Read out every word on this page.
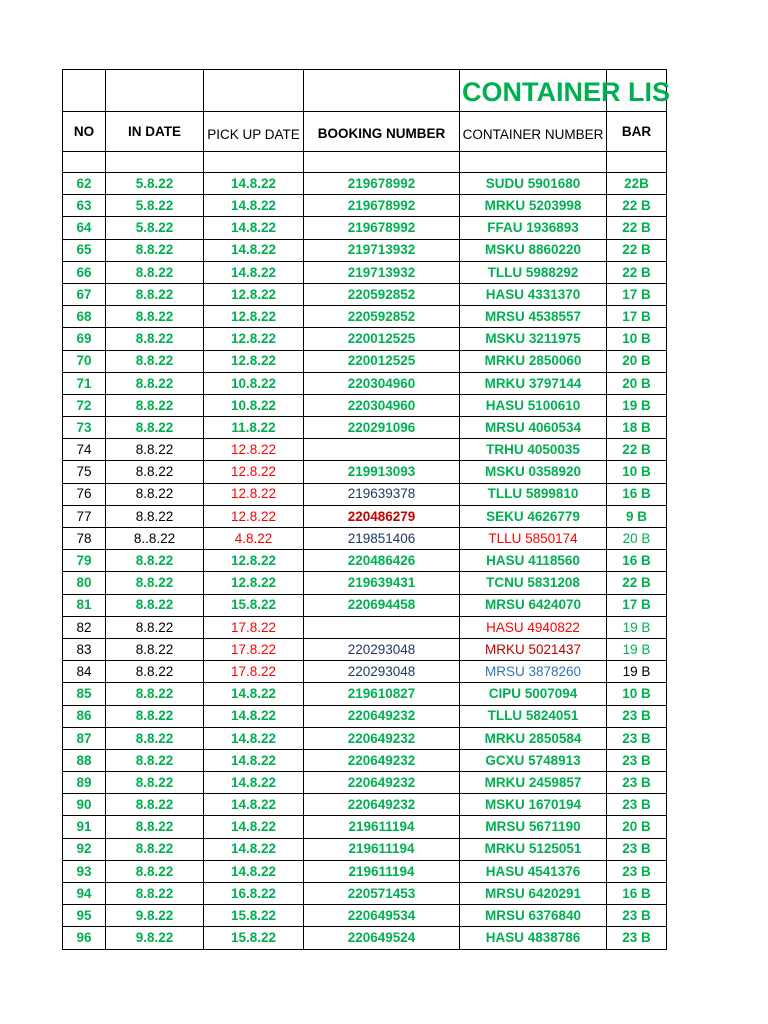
				CONTAINER LIS	

NO	IN DATE	PICK UP DATE	BOOKING NUMBER	CONTAINER NUMBER	BAR

62	5.8.22	14.8.22	219678992	SUDU 5901680	22B
63	5.8.22	14.8.22	219678992	MRKU 5203998	22 B
64	5.8.22	14.8.22	219678992	FFAU 1936893	22 B
65	8.8.22	14.8.22	219713932	MSKU 8860220	22 B
66	8.8.22	14.8.22	219713932	TLLU 5988292	22 B
67	8.8.22	12.8.22	220592852	HASU 4331370	17 B
68	8.8.22	12.8.22	220592852	MRSU 4538557	17 B
69	8.8.22	12.8.22	220012525	MSKU 3211975	10 B
70	8.8.22	12.8.22	220012525	MRKU 2850060	20 B
71	8.8.22	10.8.22	220304960	MRKU 3797144	20 B
72	8.8.22	10.8.22	220304960	HASU 5100610	19 B
73	8.8.22	11.8.22	220291096	MRSU 4060534	18 B
74	8.8.22	12.8.22		TRHU 4050035	22 B
75	8.8.22	12.8.22	219913093	MSKU 0358920	10 B
76	8.8.22	12.8.22	219639378	TLLU 5899810	16 B
77	8.8.22	12.8.22	220486279	SEKU 4626779	9 B
78	8..8.22	4.8.22	219851406	TLLU 5850174	20 B
79	8.8.22	12.8.22	220486426	HASU 4118560	16 B
80	8.8.22	12.8.22	219639431	TCNU 5831208	22 B
81	8.8.22	15.8.22	220694458	MRSU 6424070	17 B
82	8.8.22	17.8.22		HASU 4940822	19 B
83	8.8.22	17.8.22	220293048	MRKU 5021437	19 B
84	8.8.22	17.8.22	220293048	MRSU 3878260	19 B
85	8.8.22	14.8.22	219610827	CIPU 5007094	10 B
86	8.8.22	14.8.22	220649232	TLLU 5824051	23 B
87	8.8.22	14.8.22	220649232	MRKU 2850584	23 B
88	8.8.22	14.8.22	220649232	GCXU 5748913	23 B
89	8.8.22	14.8.22	220649232	MRKU 2459857	23 B
90	8.8.22	14.8.22	220649232	MSKU 1670194	23 B
91	8.8.22	14.8.22	219611194	MRSU 5671190	20 B
92	8.8.22	14.8.22	219611194	MRKU 5125051	23 B
93	8.8.22	14.8.22	219611194	HASU 4541376	23 B
94	8.8.22	16.8.22	220571453	MRSU 6420291	16 B
95	9.8.22	15.8.22	220649534	MRSU 6376840	23 B
96	9.8.22	15.8.22	220649524	HASU 4838786	23 B
